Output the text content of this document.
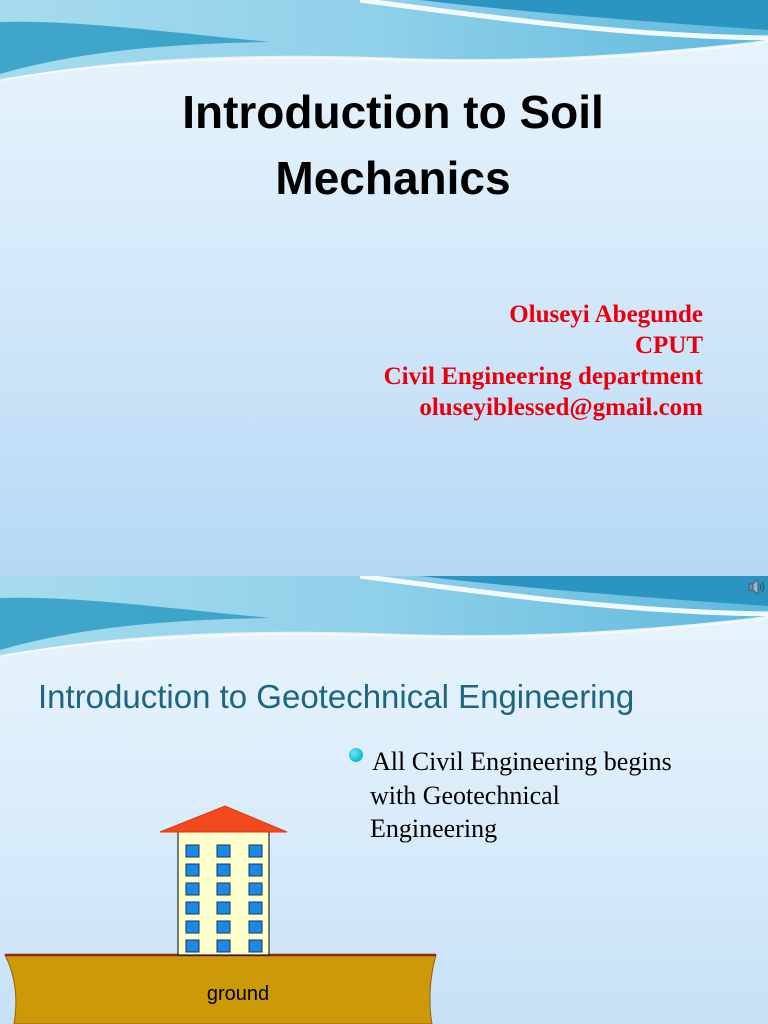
Introduction to Soil
Mechanics
Oluseyi Abegunde
CPUT
Civil Engineering department
oluseyiblessed@gmail.com
Introduction to Geotechnical Engineering
All Civil Engineering begins
with Geotechnical
Engineering
ground
